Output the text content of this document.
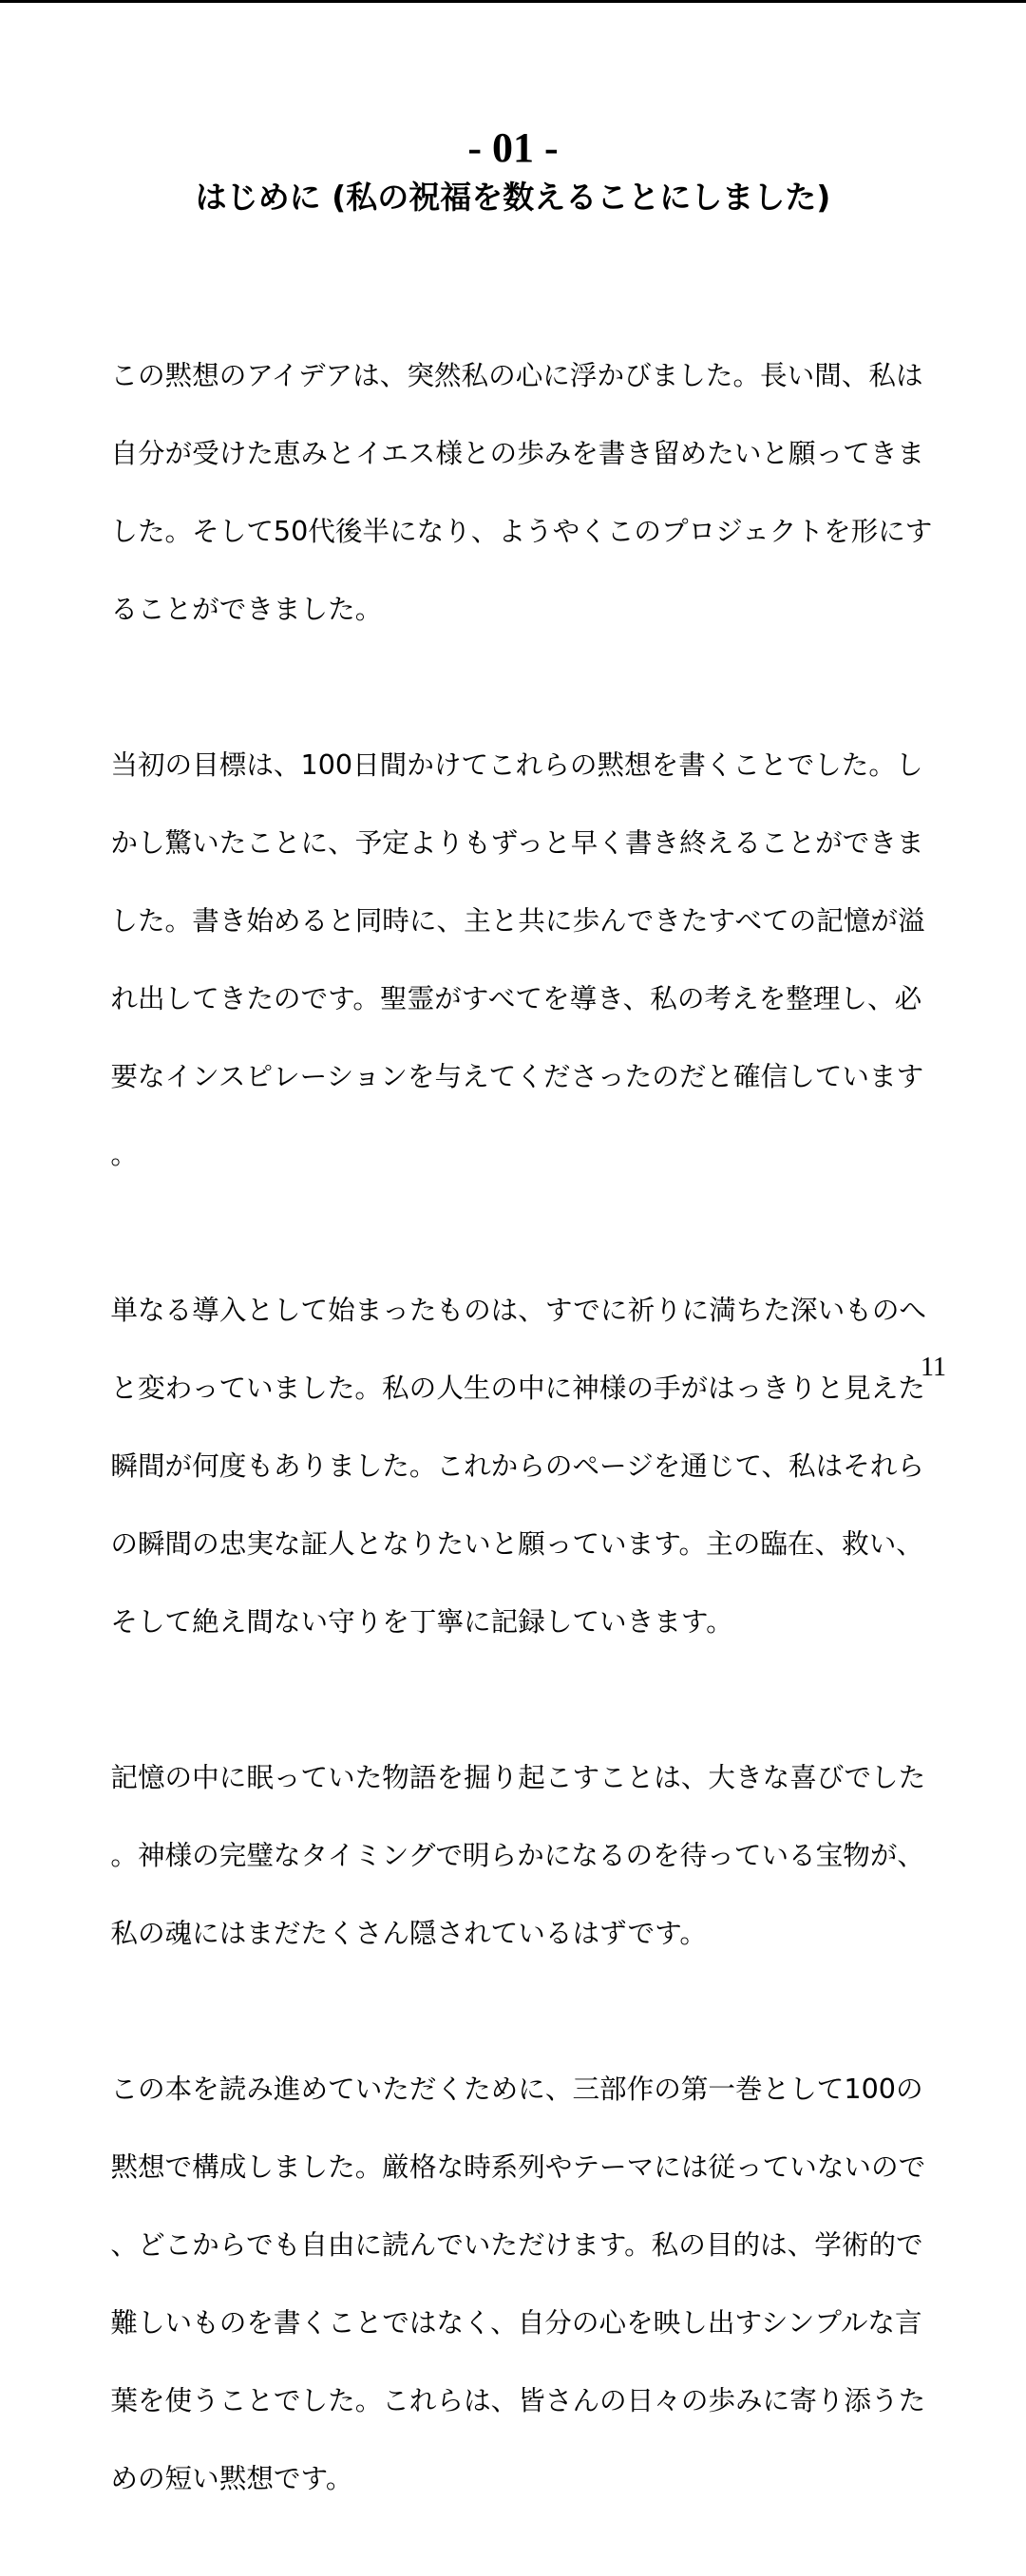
- 01 -
はじめに (私の祝福を数えることにしました)

この黙想のアイデアは、突然私の心に浮かびました。長い間、私は

自分が受けた恵みとイエス様との歩みを書き留めたいと願ってきま

した。そして50代後半になり、ようやくこのプロジェクトを形にす

ることができました。

当初の目標は、100日間かけてこれらの黙想を書くことでした。し

かし驚いたことに、予定よりもずっと早く書き終えることができま

した。書き始めると同時に、主と共に歩んできたすべての記憶が溢

れ出してきたのです。聖霊がすべてを導き、私の考えを整理し、必

要なインスピレーションを与えてくださったのだと確信しています

。

単なる導入として始まったものは、すでに祈りに満ちた深いものへ

と変わっていました。私の人生の中に神様の手がはっきりと見えた

瞬間が何度もありました。これからのページを通じて、私はそれら

の瞬間の忠実な証人となりたいと願っています。主の臨在、救い、

そして絶え間ない守りを丁寧に記録していきます。

記憶の中に眠っていた物語を掘り起こすことは、大きな喜びでした

。神様の完璧なタイミングで明らかになるのを待っている宝物が、

私の魂にはまだたくさん隠されているはずです。

この本を読み進めていただくために、三部作の第一巻として100の

黙想で構成しました。厳格な時系列やテーマには従っていないので

、どこからでも自由に読んでいただけます。私の目的は、学術的で

難しいものを書くことではなく、自分の心を映し出すシンプルな言

葉を使うことでした。これらは、皆さんの日々の歩みに寄り添うた

めの短い黙想です。

11
